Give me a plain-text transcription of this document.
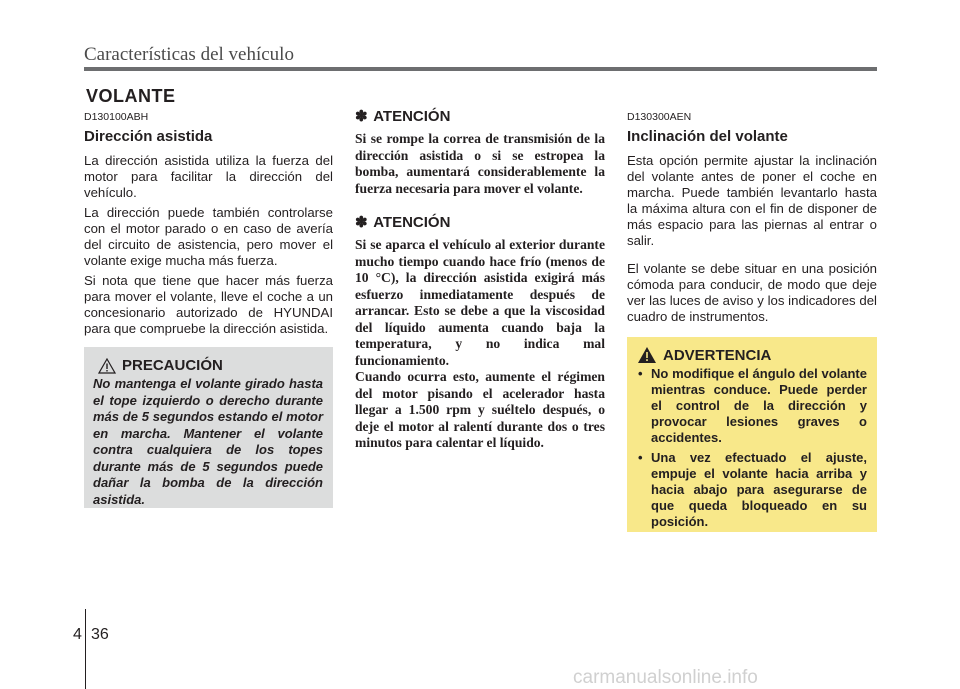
Características del vehículo
VOLANTE

D130100ABH

Dirección asistida

La dirección asistida utiliza la fuerza del motor para facilitar la dirección del vehículo.

La dirección puede también controlarse con el motor parado o en caso de avería del circuito de asistencia, pero mover el volante exige mucha más fuerza.

Si nota que tiene que hacer más fuerza para mover el volante, lleve el coche a un concesionario autorizado de HYUNDAI para que compruebe la dirección asistida.

PRECAUCIÓN

No mantenga el volante girado hasta el tope izquierdo o derecho durante más de 5 segundos estando el motor en marcha. Mantener el volante contra cualquiera de los topes durante más de 5 segundos puede dañar la bomba de la dirección asistida.

✽ ATENCIÓN

Si se rompe la correa de transmisión de la dirección asistida o si se estropea la bomba, aumentará considerablemente la fuerza necesaria para mover el volante.

✽ ATENCIÓN

Si se aparca el vehículo al exterior durante mucho tiempo cuando hace frío (menos de 10 °C), la dirección asistida exigirá más esfuerzo inmediatamente después de arrancar. Esto se debe a que la viscosidad del líquido aumenta cuando baja la temperatura, y no indica mal funcionamiento.
Cuando ocurra esto, aumente el régimen del motor pisando el acelerador hasta llegar a 1.500 rpm y suéltelo después, o deje el motor al ralentí durante dos o tres minutos para calentar el líquido.

D130300AEN

Inclinación del volante

Esta opción permite ajustar la inclinación del volante antes de poner el coche en marcha. Puede también levantarlo hasta la máxima altura con el fin de disponer de más espacio para las piernas al entrar o salir.

El volante se debe situar en una posición cómoda para conducir, de modo que deje ver las luces de aviso y los indicadores del cuadro de instrumentos.

ADVERTENCIA
• No modifique el ángulo del volante mientras conduce. Puede perder el control de la dirección y provocar lesiones graves o accidentes.
• Una vez efectuado el ajuste, empuje el volante hacia arriba y hacia abajo para asegurarse de que queda bloqueado en su posición.
4 36
carmanualsonline.info
